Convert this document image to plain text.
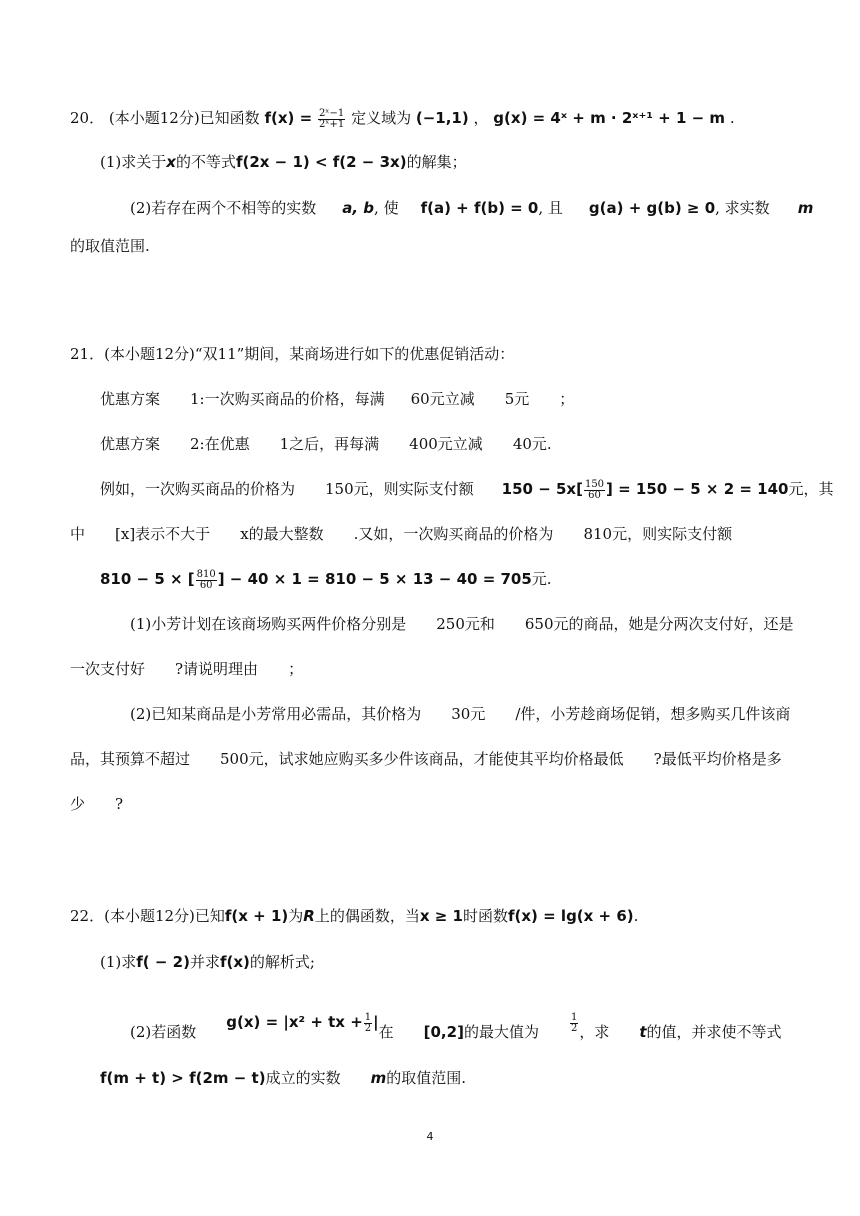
20． (本小题12分)已知函数 $f(x) = \frac{\text{2ˣ−1}}{\text{2ˣ+1}}$ 定义域为 (−1,1) ， g(x) = 4ˣ + m · 2ˣ⁺¹ + 1 − m .
(1)求关于x的不等式f(2x − 1) < f(2 − 3x)的解集；
(2)若存在两个不相等的实数 a, b, 使 f(a) + f(b) = 0, 且 g(a) + g(b) ≥ 0, 求实数 m
的取值范围.
21．(本小题12分)“双11”期间，某商场进行如下的优惠促销活动：
优惠方案 1:一次购买商品的价格，每满 60元立减 5元 ；
优惠方案 2:在优惠 1之后，再每满 400元立减 40元.
例如，一次购买商品的价格为 150元，则实际支付额 $150 - 5x[ \frac{150}{60}$ ] = 150 − 5 × 2 = 140元，其
中 [x]表示不大于 x的最大整数 .又如，一次购买商品的价格为 810元，则实际支付额
810 − 5 × [ $\frac{810}{60}$ ] − 40 × 1 = 810 − 5 × 13 − 40 = 705元.
(1)小芳计划在该商场购买两件价格分别是 250元和 650元的商品，她是分两次支付好，还是
一次支付好 ?请说明理由 ；
(2)已知某商品是小芳常用必需品，其价格为 30元 /件，小芳趁商场促销，想多购买几件该商
品，其预算不超过 500元，试求她应购买多少件该商品，才能使其平均价格最低 ?最低平均价格是多
少 ?
22．(本小题12分)已知f(x + 1)为R上的偶函数，当x ≥ 1时函数f(x) = lg(x + 6).
(1)求f( − 2)并求f(x)的解析式;
(2)若函数g(x) = |x² + tx + $\frac{1}{2}$ |在 [0,2]的最大值为	$\frac{1}{2}$ ，求 t的值，并求使不等式
f(m + t) > f(2m − t)成立的实数 m的取值范围.
4
